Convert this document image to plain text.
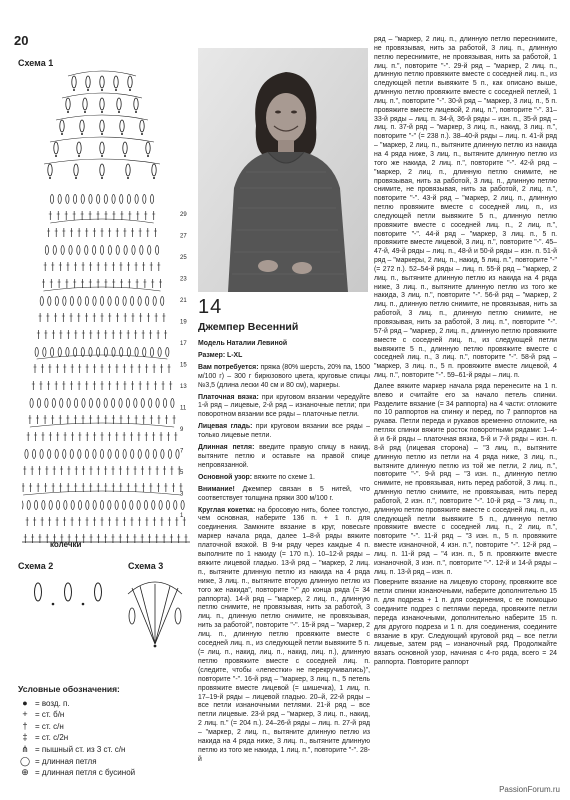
20
Схема 1
29
27
25
23
21
19
17
15
13
11
9
7
5
3
1
колечки
Схема 2	Схема 3
Условные обозначения:
● = возд. п.
+ = ст. б/н
† = ст. с/н
‡ = ст. с/2н
⋔ = пышный ст. из 3 ст. с/н
◯ = длинная петля
⊕ = длинная петля с бусиной
14
Джемпер Весенний

Модель Наталии Левиной

Размер: L-XL

Вам потребуется: пряжа (80% шерсть, 20% па, 1500 м/100 г) – 300 г бирюзового цвета, круговые спицы №3,5 (длина лески 40 см и 80 см), маркеры.

Платочная вязка: при круговом вязании чередуйте 1-й ряд – лицевые, 2-й ряд – изнаночные петли; при поворотном вязании все ряды – платочные петли.

Лицевая гладь: при круговом вязании все ряды – только лицевые петли.

Длинная петля: введите правую спицу в накид, вытяните петлю и оставьте на правой спице непровязанной.

Основной узор: вяжите по схеме 1.

Внимание! Джемпер связан в 5 нитей, что соответствует толщина пряжи 300 м/100 г.

Круглая кокетка: на бросовую нить, более толстую, чем основная, наберите 136 п. + 1 п. для соединения. Замкните вязание в круг, повесьте маркер начала ряда, далее 1–8-й ряды вяжите платочной вязкой. В 9-м ряду через каждые 4 п. выполните по 1 накиду (= 170 п.). 10–12-й ряды – вяжите лицевой гладью. 13-й ряд – "маркер, 2 лиц. п., вытяните длинную петлю из накида на 4 ряда ниже, 3 лиц. п., вытяните вторую длинную петлю из того же накида", повторите "-" до конца ряда (= 34 раппорта). 14-й ряд – "маркер, 2 лиц. п., длинную петлю снимите, не провязывая, нить за работой, 3 лиц. п., длинную петлю снимите, не провязывая, нить за работой", повторите "-". 15-й ряд – "маркер, 2 лиц. п., длинную петлю провяжите вместе с соседней лиц. п., из следующей петли вывяжите 5 п. (= лиц. п., накид, лиц. п., накид, лиц. п.), длинную петлю провяжите вместе с соседней лиц. п. (следите, чтобы «лепестки» не перекручивались)", повторите "-". 16-й ряд – "маркер, 3 лиц. п., 5 петель провяжите вместе лицевой (= шишечка), 1 лиц. п. 17–19-й ряды – лицевой гладью. 20–й, 22-й ряды – все петли изнаночными петлями. 21-й ряд – все петли лицевые. 23-й ряд – "маркер, 3 лиц. п., накид, 2 лиц. п." (= 204 п.). 24–26-й ряды – лиц. п. 27-й ряд – "маркер, 2 лиц. п., вытяните длинную петлю из накида на 4 ряда ниже, 3 лиц. п., вытяните длинную петлю из того же накида, 1 лиц. п.", повторите "-". 28-й

ряд – "маркер, 2 лиц. п., длинную петлю переснимите, не провязывая, нить за работой, 3 лиц. п., длинную петлю переснимите, не провязывая, нить за работой, 1 лиц. п.", повторите "-". 29-й ряд – "маркер, 2 лиц. п., длинную петлю провяжите вместе с соседней лиц. п., из следующей петли вывяжите 5 п., как описано выше, длинную петлю провяжите вместе с соседней петлей, 1 лиц. п.", повторите "-". 30-й ряд – "маркер, 3 лиц. п., 5 п. провяжите вместе лицевой, 2 лиц. п.", повторите "-". 31–33-й ряды – лиц. п. 34-й, 36-й ряды – изн. п., 35-й ряд – лиц. п. 37-й ряд – "маркер, 3 лиц. п., накид, 3 лиц. п.", повторите "-" (= 238 п.). 38–40-й ряды – лиц. п. 41-й ряд – "маркер, 2 лиц. п., вытяните длинную петлю из накида на 4 ряда ниже, 3 лиц. п., вытяните длинную петлю из того же накида, 2 лиц. п.", повторите "-". 42-й ряд – "маркер, 2 лиц. п., длинную петлю снимите, не провязывая, нить за работой, 3 лиц. п., длинную петлю снимите, не провязывая, нить за работой, 2 лиц. п.", повторите "-". 43-й ряд – "маркер, 2 лиц. п., длинную петлю провяжите вместе с соседней лиц. п., из следующей петли вывяжите 5 п., длинную петлю провяжите вместе с соседней лиц. п., 2 лиц. п.", повторите "-". 44-й ряд – "маркер, 3 лиц. п., 5 п. провяжите вместе лицевой, 3 лиц. п.", повторите "-". 45–47-й, 49-й ряды – лиц. п., 48-й и 50-й ряды – изн. п. 51-й ряд – "маркеры, 2 лиц. п., накид, 5 лиц. п.", повторите "-" (= 272 п.). 52–54-й ряды – лиц. п. 55-й ряд – "маркер, 2 лиц. п., вытяните длинную петлю из накида на 4 ряда ниже, 3 лиц. п., вытяните длинную петлю из того же накида, 3 лиц. п.", повторите "-". 56-й ряд – "маркер, 2 лиц. п., длинную петлю снимите, не провязывая, нить за работой, 3 лиц. п., длинную петлю снимите, не провязывая, нить за работой, 3 лиц. п.", повторите "-". 57-й ряд – "маркер, 2 лиц. п., длинную петлю провяжите вместе с соседней лиц. п., из следующей петли вывяжите 5 п., длинную петлю провяжите вместе с соседней лиц. п., 3 лиц. п.", повторите "-". 58-й ряд – "маркер, 3 лиц. п., 5 п. провяжите вместе лицевой, 4 лиц. п.", повторите "-". 59–61-й ряды – лиц. п.

Далее вяжите маркер начала ряда перенесите на 1 п. влево и считайте его за начало петель спинки. Разделите вязание (= 34 раппорта) на 4 части: отложите по 10 раппортов на спинку и перед, по 7 раппортов на рукава. Петли переда и рукавов временно отложите, на петлях спинки вяжите росток поворотными рядами: 1–4-й и 6-й ряды – платочная вязка, 5-й и 7-й ряды – изн. п. 8-й ряд (лицевая сторона) – "3 лиц. п., вытяните длинную петлю из петли на 4 ряда ниже, 3 лиц. п., вытяните длинную петлю из той же петли, 2 лиц. п.", повторите "-". 9-й ряд – "3 изн. п., длинную петлю снимите, не провязывая, нить перед работой, 3 лиц. п., длинную петлю снимите, не провязывая, нить перед работой, 2 изн. п.", повторите "-". 10-й ряд – "3 лиц. п., длинную петлю провяжите вместе с соседней лиц. п., из следующей петли вывяжите 5 п., длинную петлю провяжите вместе с соседней лиц. п., 2 лиц. п.", повторите "-". 11-й ряд – "3 изн. п., 5 п. провяжите вместе изнаночной, 4 изн. п.", повторите "-". 12-й ряд – лиц. п. 11-й ряд – "4 изн. п., 5 п. провяжите вместе изнаночной, 3 изн. п.", повторите "-". 12-й и 14-й ряды – лиц. п. 13-й ряд – изн. п.

Поверните вязание на лицевую сторону, провяжите все петли спинки изнаночными, наберите дополнительно 15 п. для подреза + 1 п. для соединения, с ее помощью соедините подрез с петлями переда, провяжите петли переда изнаночными, дополнительно наберите 15 п. для другого подреза и 1 п. для соединения, соедините вязание в круг. Следующий круговой ряд – все петли лицевые, затем ряд – изнаночный ряд. Продолжайте вязать основной узор, начиная с 4-го ряда, всего = 24 раппорта. Повторите раппорт

PassionForum.ru
